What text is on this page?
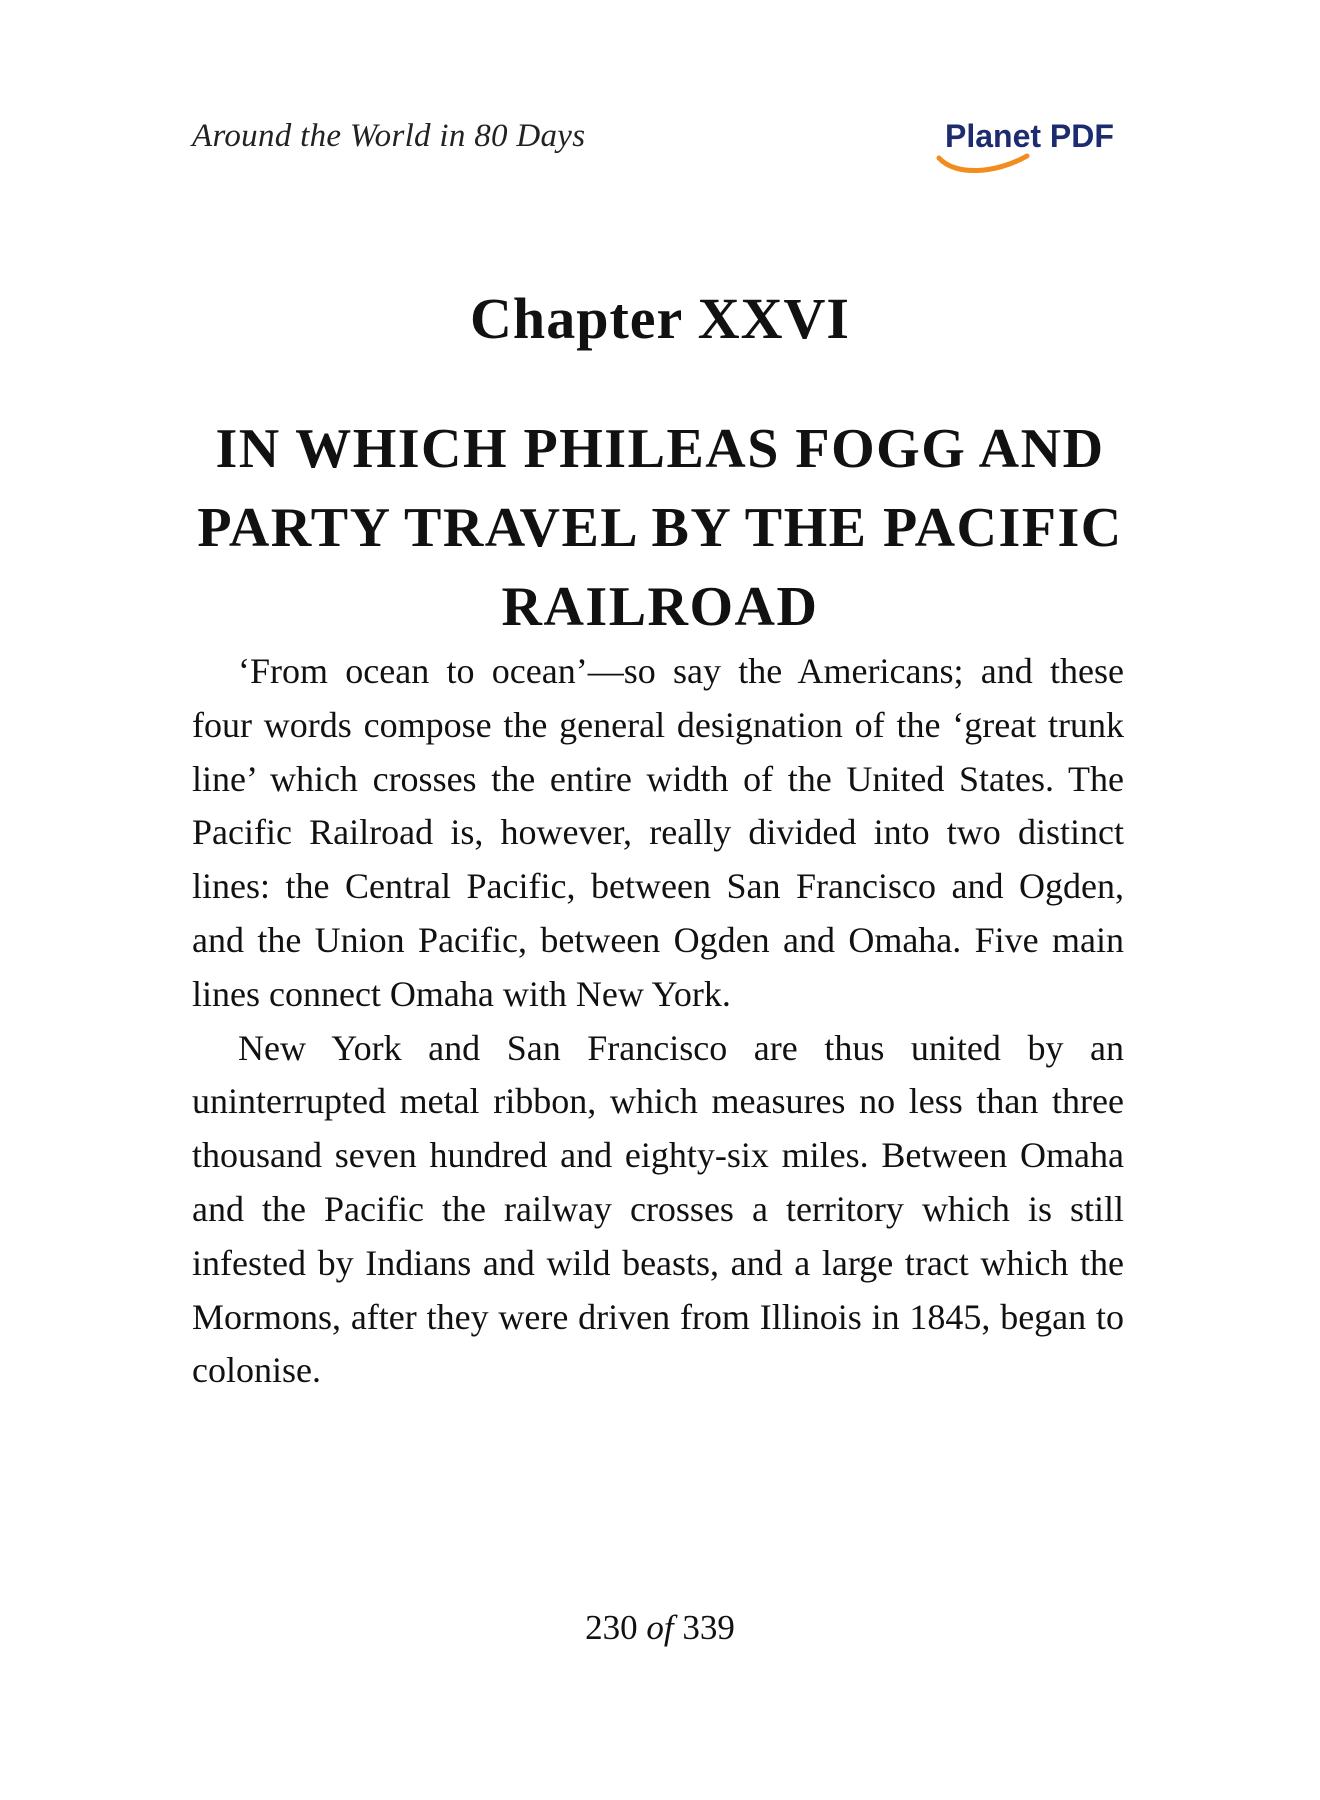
Around the World in 80 Days	Planet PDF
Chapter XXVI
IN WHICH PHILEAS FOGG AND PARTY TRAVEL BY THE PACIFIC RAILROAD

‘From ocean to ocean’—so say the Americans; and these four words compose the general designation of the ‘great trunk line’ which crosses the entire width of the United States. The Pacific Railroad is, however, really divided into two distinct lines: the Central Pacific, between San Francisco and Ogden, and the Union Pacific, between Ogden and Omaha. Five main lines connect Omaha with New York.

New York and San Francisco are thus united by an uninterrupted metal ribbon, which measures no less than three thousand seven hundred and eighty-six miles. Between Omaha and the Pacific the railway crosses a territory which is still infested by Indians and wild beasts, and a large tract which the Mormons, after they were driven from Illinois in 1845, began to colonise.

230 of 339
